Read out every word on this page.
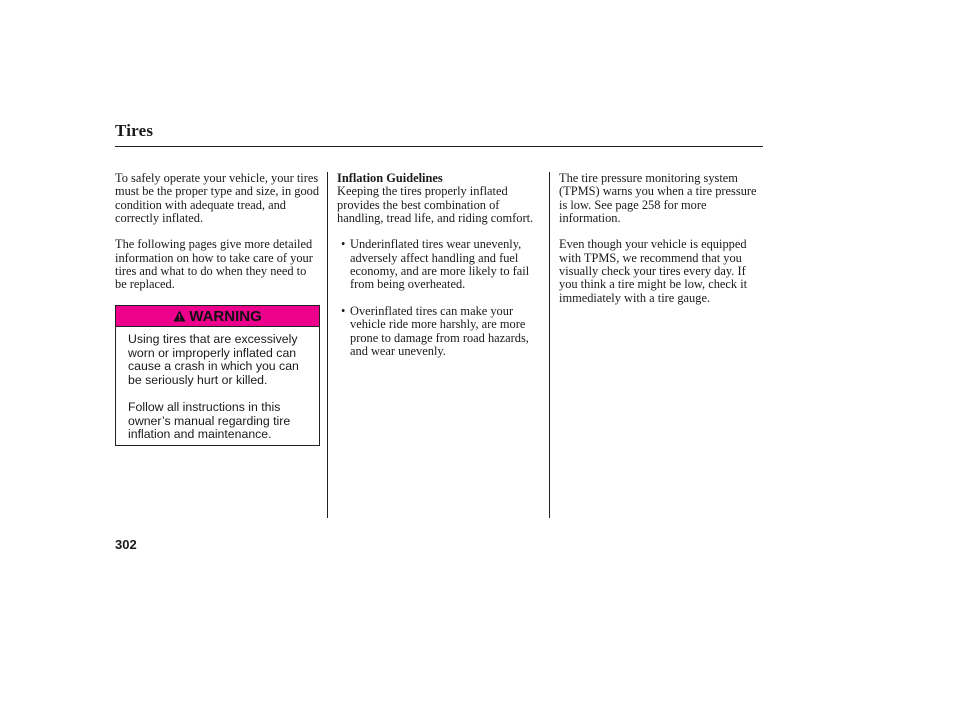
Tires

To safely operate your vehicle, your tires must be the proper type and size, in good condition with adequate tread, and correctly inflated.

The following pages give more detailed information on how to take care of your tires and what to do when they need to be replaced.

WARNING

Using tires that are excessively worn or improperly inflated can cause a crash in which you can be seriously hurt or killed.

Follow all instructions in this owner’s manual regarding tire inflation and maintenance.

Inflation Guidelines
Keeping the tires properly inflated provides the best combination of handling, tread life, and riding comfort.

• Underinflated tires wear unevenly, adversely affect handling and fuel economy, and are more likely to fail from being overheated.
• Overinflated tires can make your vehicle ride more harshly, are more prone to damage from road hazards, and wear unevenly.

The tire pressure monitoring system (TPMS) warns you when a tire pressure is low. See page 258 for more information.

Even though your vehicle is equipped with TPMS, we recommend that you visually check your tires every day. If you think a tire might be low, check it immediately with a tire gauge.

302
